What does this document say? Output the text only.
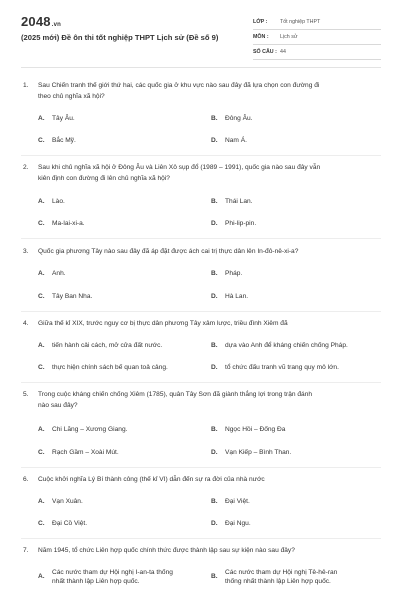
2048.vn
(2025 mới) Đề ôn thi tốt nghiệp THPT Lịch sử (Đề số 9)
LỚP :	Tốt nghiệp THPT
MÔN :	Lịch sử
SỐ CÂU : 44
1. Sau Chiến tranh thế giới thứ hai, các quốc gia ở khu vực nào sau đây đã lựa chọn con đường đi
theo chủ nghĩa xã hội?
A. Tây Âu.	B. Đông Âu.
C. Bắc Mỹ.	D. Nam Á.
2. Sau khi chủ nghĩa xã hội ở Đông Âu và Liên Xô sụp đổ (1989 – 1991), quốc gia nào sau đây vẫn
kiên định con đường đi lên chủ nghĩa xã hội?
A. Lào.	B. Thái Lan.
C. Ma-lai-xi-a.	D. Phi-lip-pin.
3. Quốc gia phương Tây nào sau đây đã áp đặt được ách cai trị thực dân lên In-đô-nê-xi-a?
A. Anh.	B. Pháp.
C. Tây Ban Nha.	D. Hà Lan.
4. Giữa thế kỉ XIX, trước nguy cơ bị thực dân phương Tây xâm lược, triều đình Xiêm đã
A. tiến hành cải cách, mở cửa đất nước.	B. dựa vào Anh để kháng chiến chống Pháp.
C. thực hiện chính sách bế quan toả cảng.	D. tổ chức đấu tranh vũ trang quy mô lớn.
5. Trong cuộc kháng chiến chống Xiêm (1785), quân Tây Sơn đã giành thắng lợi trong trận đánh
nào sau đây?
A. Chi Lăng – Xương Giang.	B. Ngọc Hồi – Đống Đa
C. Rạch Gầm – Xoài Mút.	D. Vạn Kiếp – Bình Than.
6. Cuộc khởi nghĩa Lý Bí thành công (thế kỉ VI) dẫn đến sự ra đời của nhà nước
A. Vạn Xuân.	B. Đại Việt.
C. Đại Cồ Việt.	D. Đại Ngu.
7. Năm 1945, tổ chức Liên hợp quốc chính thức được thành lập sau sự kiện nào sau đây?
A.
Các nước tham dự Hội nghị I-an-ta thống
nhất thành lập Liên hợp quốc.
B.
Các nước tham dự Hội nghị Tê-hê-ran
thống nhất thành lập Liên hợp quốc.
